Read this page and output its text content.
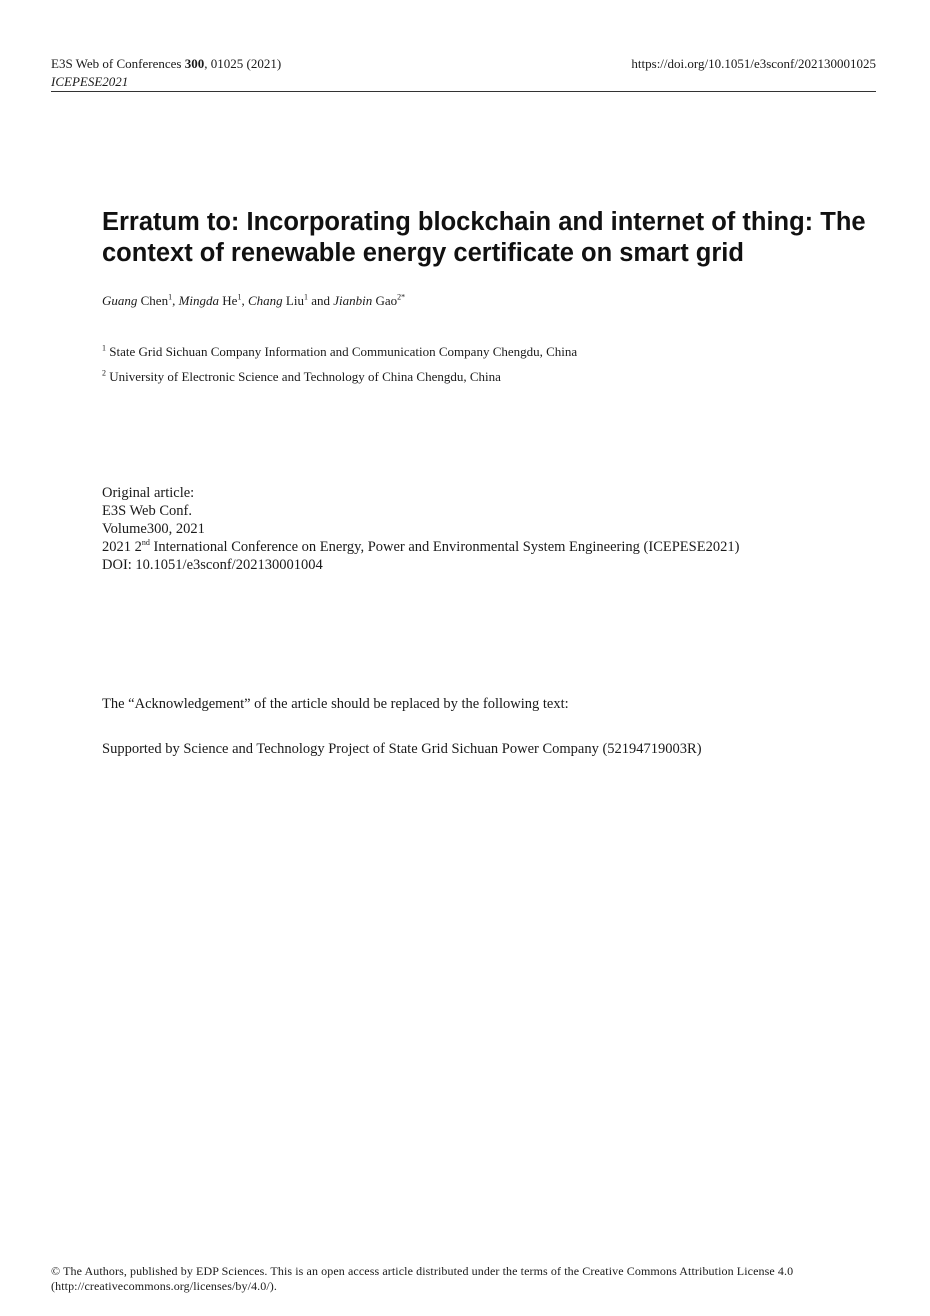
E3S Web of Conferences 300, 01025 (2021)
ICEPESE2021
https://doi.org/10.1051/e3sconf/202130001025
Erratum to: Incorporating blockchain and internet of thing: The context of renewable energy certificate on smart grid
Guang Chen$^1$, Mingda He$^1$, Chang Liu$^1$ and Jianbin Gao$^{2*}$
$^1$ State Grid Sichuan Company Information and Communication Company Chengdu, China
$^2$ University of Electronic Science and Technology of China Chengdu, China
Original article:
E3S Web Conf.
Volume300, 2021
2021 2nd International Conference on Energy, Power and Environmental System Engineering (ICEPESE2021)
DOI: 10.1051/e3sconf/202130001004
The “Acknowledgement” of the article should be replaced by the following text:
Supported by Science and Technology Project of State Grid Sichuan Power Company (52194719003R)
© The Authors, published by EDP Sciences. This is an open access article distributed under the terms of the Creative Commons Attribution License 4.0
(http://creativecommons.org/licenses/by/4.0/).
